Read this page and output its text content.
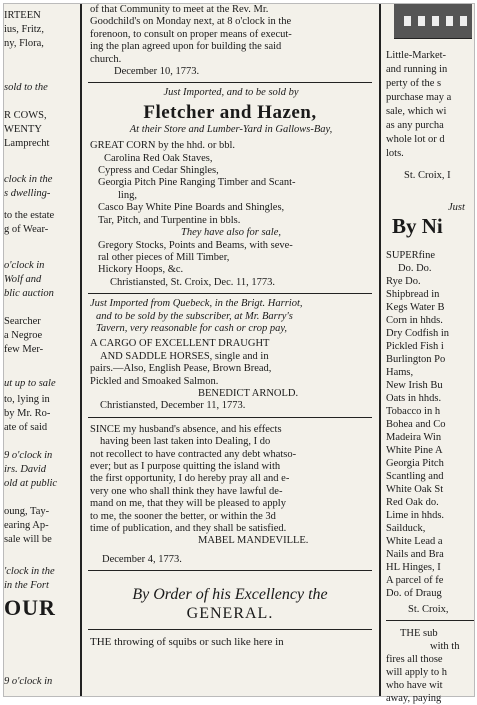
IRTEEN
ius, Fritz,
ny, Flora,
sold to the
R COWS,
WENTY
Lamprecht
clock in the
s dwelling-
to the estate
g of Wear-
o'clock in
Wolf and
blic auction
Searcher
a Negroe
few Mer-
ut up to sale
to, lying in
by Mr. Ro-
ate of said
9 o'clock in
irs. David
old at public
oung, Tay-
earing Ap-
sale will be
'clock in the
in the Fort
OUR
9 o'clock in
of that Community to meet at the Rev. Mr.
Goodchild's on Monday next, at 8 o'clock in the
forenoon, to consult on proper means of execut-
ing the plan agreed upon for building the said
church.
December 10, 1773.
Just Imported, and to be sold by
Fletcher and Hazen,
At their Store and Lumber-Yard in Gallows-Bay,
GREAT CORN by the hhd. or bbl.
Carolina Red Oak Staves,
Cypress and Cedar Shingles,
Georgia Pitch Pine Ranging Timber and Scant-
ling,
Casco Bay White Pine Boards and Shingles,
Tar, Pitch, and Turpentine in bbls.
They have also for sale,
Gregory Stocks, Points and Beams, with seve-
ral other pieces of Mill Timber,
Hickory Hoops, &c.
Christiansted, St. Croix, Dec. 11, 1773.
Just Imported from Quebeck, in the Brigt. Harriot,
and to be sold by the subscriber, at Mr. Barry's
Tavern, very reasonable for cash or crop pay,
A CARGO OF EXCELLENT DRAUGHT
AND SADDLE HORSES, single and in
pairs.—Also, English Pease, Brown Bread,
Pickled and Smoaked Salmon.
BENEDICT ARNOLD.
Christiansted, December 11, 1773.
SINCE my husband's absence, and his effects
having been last taken into Dealing, I do
not recollect to have contracted any debt whatso-
ever; but as I purpose quitting the island with
the first opportunity, I do hereby pray all and e-
very one who shall think they have lawful de-
mand on me, that they will be pleased to apply
to me, the sooner the better, or within the 3d
time of publication, and they shall be satisfied.
MABEL MANDEVILLE.
December 4, 1773.
By Order of his Excellency the
GENERAL.
THE throwing of squibs or such like here in
Little-Market-
and running in
perty of the s
purchase may a
sale, which wi
as any purcha
whole lot or d
lots.
St. Croix, I
Just
By Ni
SUPERfine
Do. Do.
Rye Do.
Shipbread in
Kegs Water B
Corn in hhds.
Dry Codfish in
Pickled Fish i
Burlington Po
Hams,
New Irish Bu
Oats in hhds.
Tobacco in h
Bohea and Co
Madeira Win
White Pine A
Georgia Pitch
Scantling and
White Oak St
Red Oak do.
Lime in hhds.
Sailduck,
White Lead a
Nails and Bra
HL Hinges, I
A parcel of fe
Do. of Draug
St. Croix,
THE sub
with th
fires all those
will apply to h
who have wit
away, paying
